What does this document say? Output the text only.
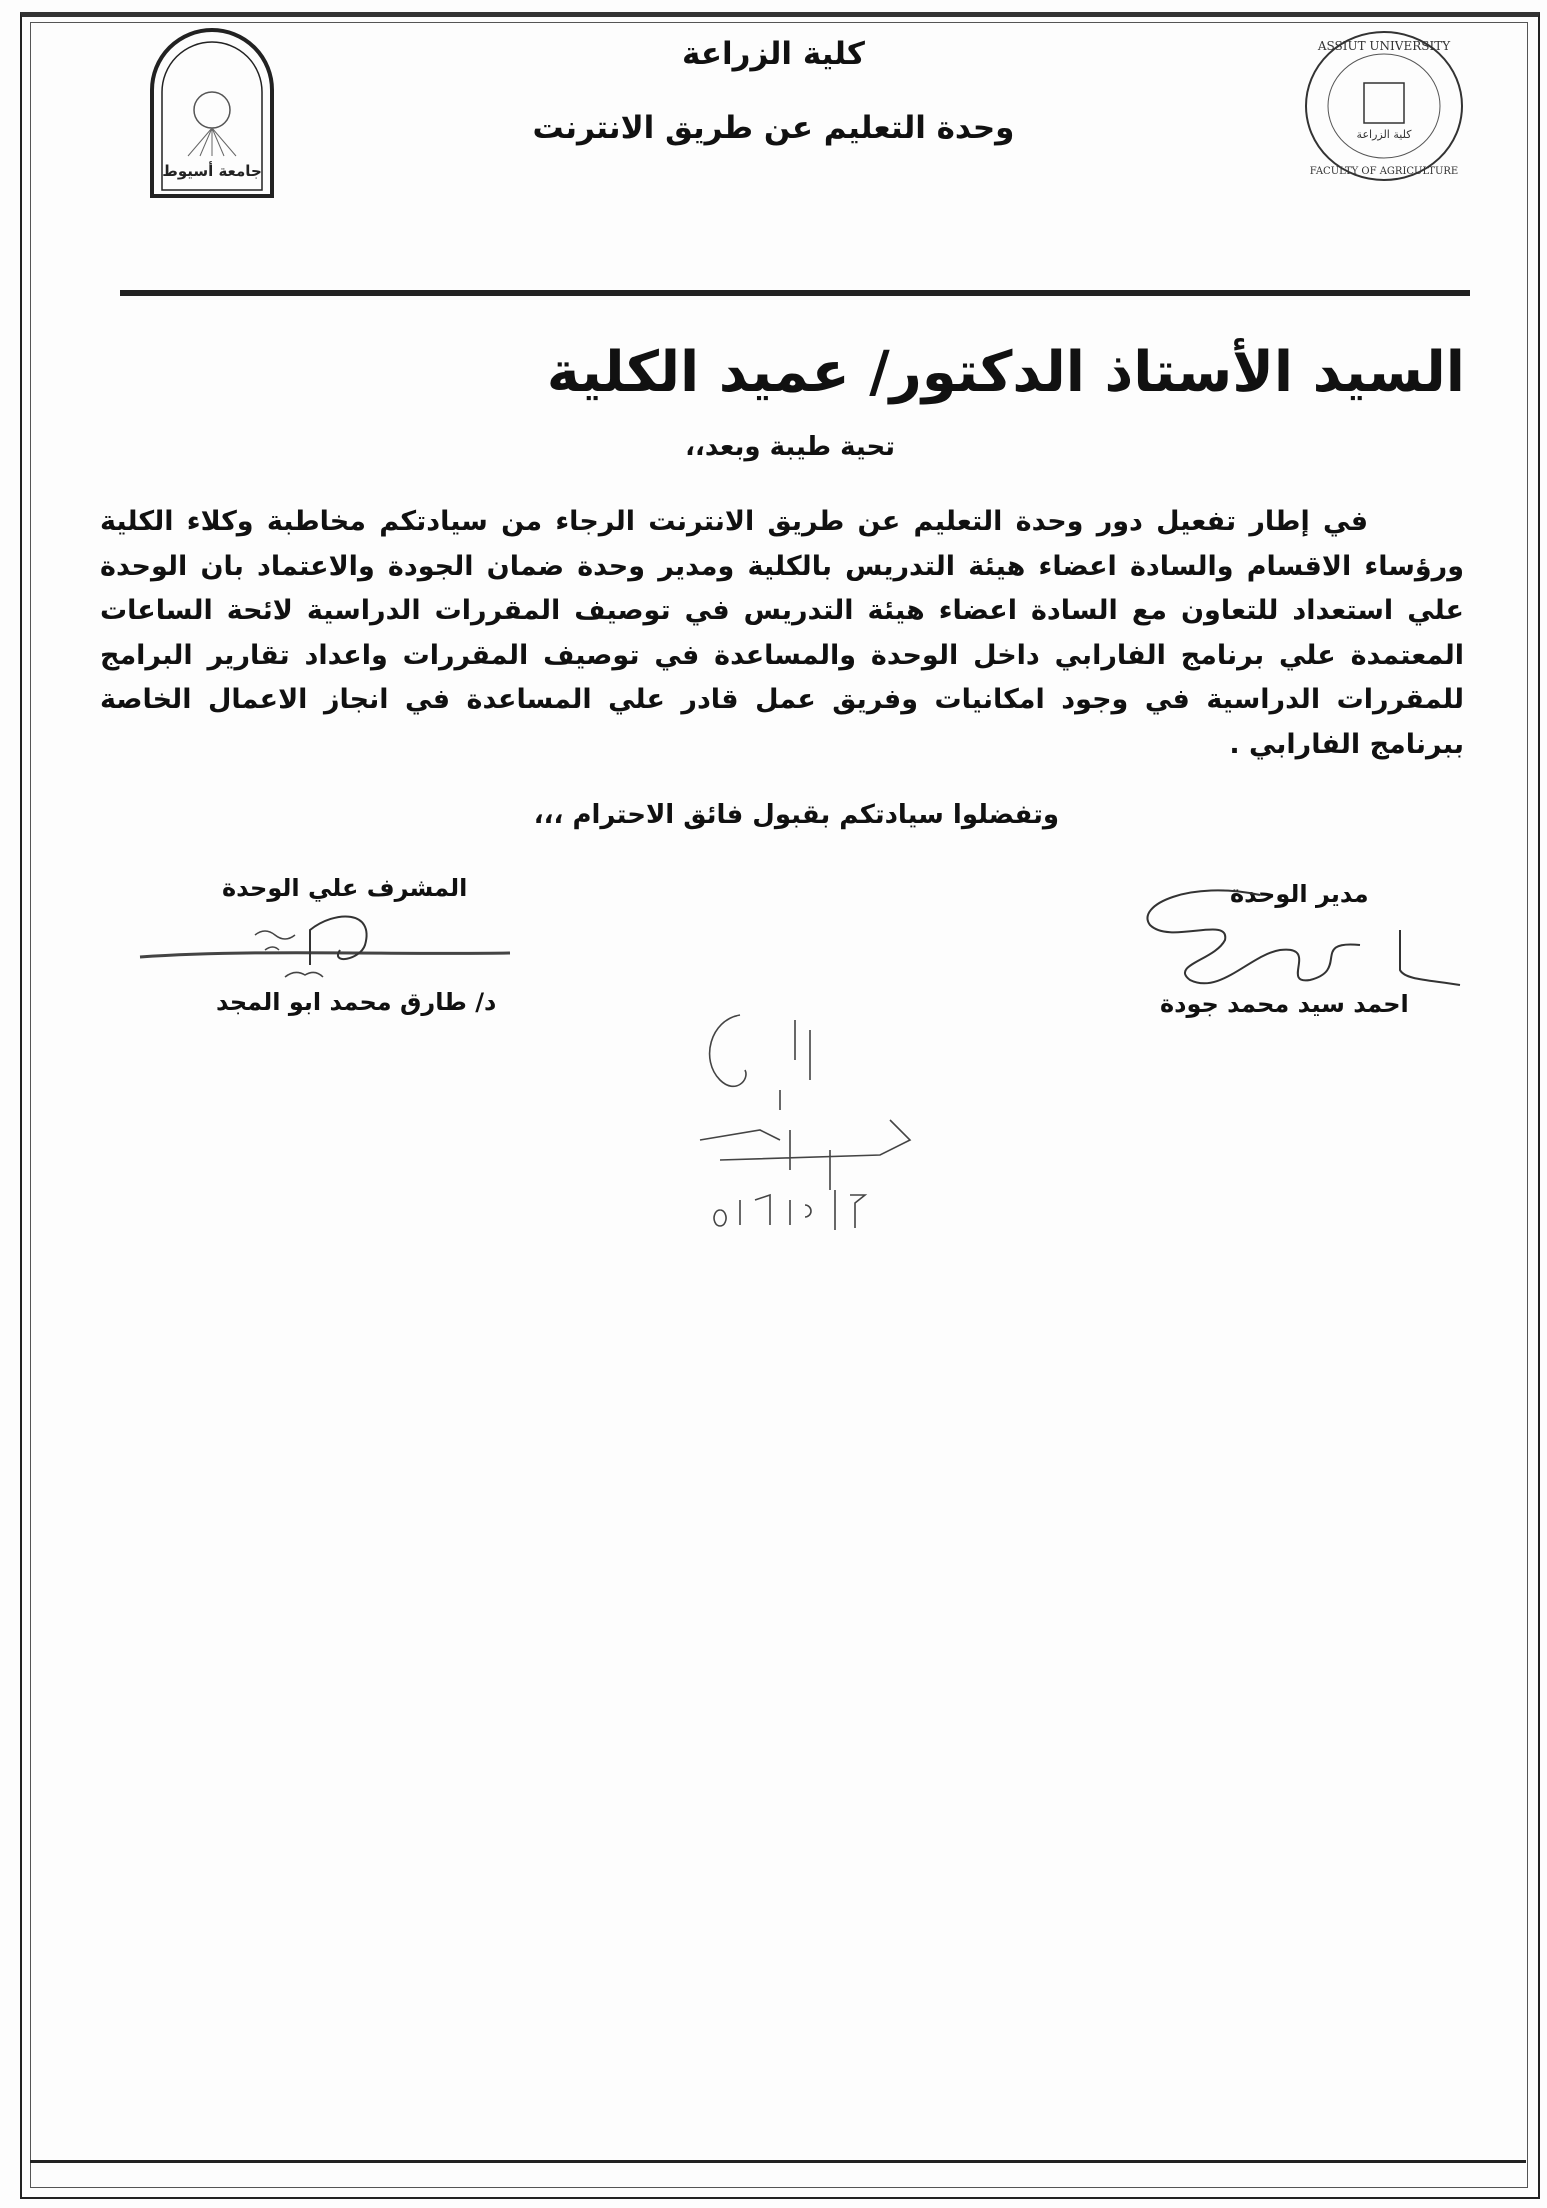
جامعة أسيوط
ASSIUT UNIVERSITY
FACULTY OF AGRICULTURE
كلية الزراعة
كلية الزراعة
وحدة التعليم عن طريق الانترنت
السيد الأستاذ الدكتور/ عميد الكلية
تحية طيبة وبعد،،
في إطار تفعيل دور وحدة التعليم عن طريق الانترنت الرجاء من سيادتكم مخاطبة وكلاء الكلية ورؤساء الاقسام والسادة اعضاء هيئة التدريس بالكلية ومدير وحدة ضمان الجودة والاعتماد بان الوحدة علي استعداد للتعاون مع السادة اعضاء هيئة التدريس في توصيف المقررات الدراسية لائحة الساعات المعتمدة علي برنامج الفارابي داخل الوحدة والمساعدة في توصيف المقررات واعداد تقارير البرامج للمقررات الدراسية في وجود امكانيات وفريق عمل قادر علي المساعدة في انجاز الاعمال الخاصة ببرنامج الفارابي .
وتفضلوا سيادتكم بقبول فائق الاحترام ،،،
المشرف علي الوحدة
د/ طارق محمد ابو المجد
مدير الوحدة
احمد سيد محمد جودة
